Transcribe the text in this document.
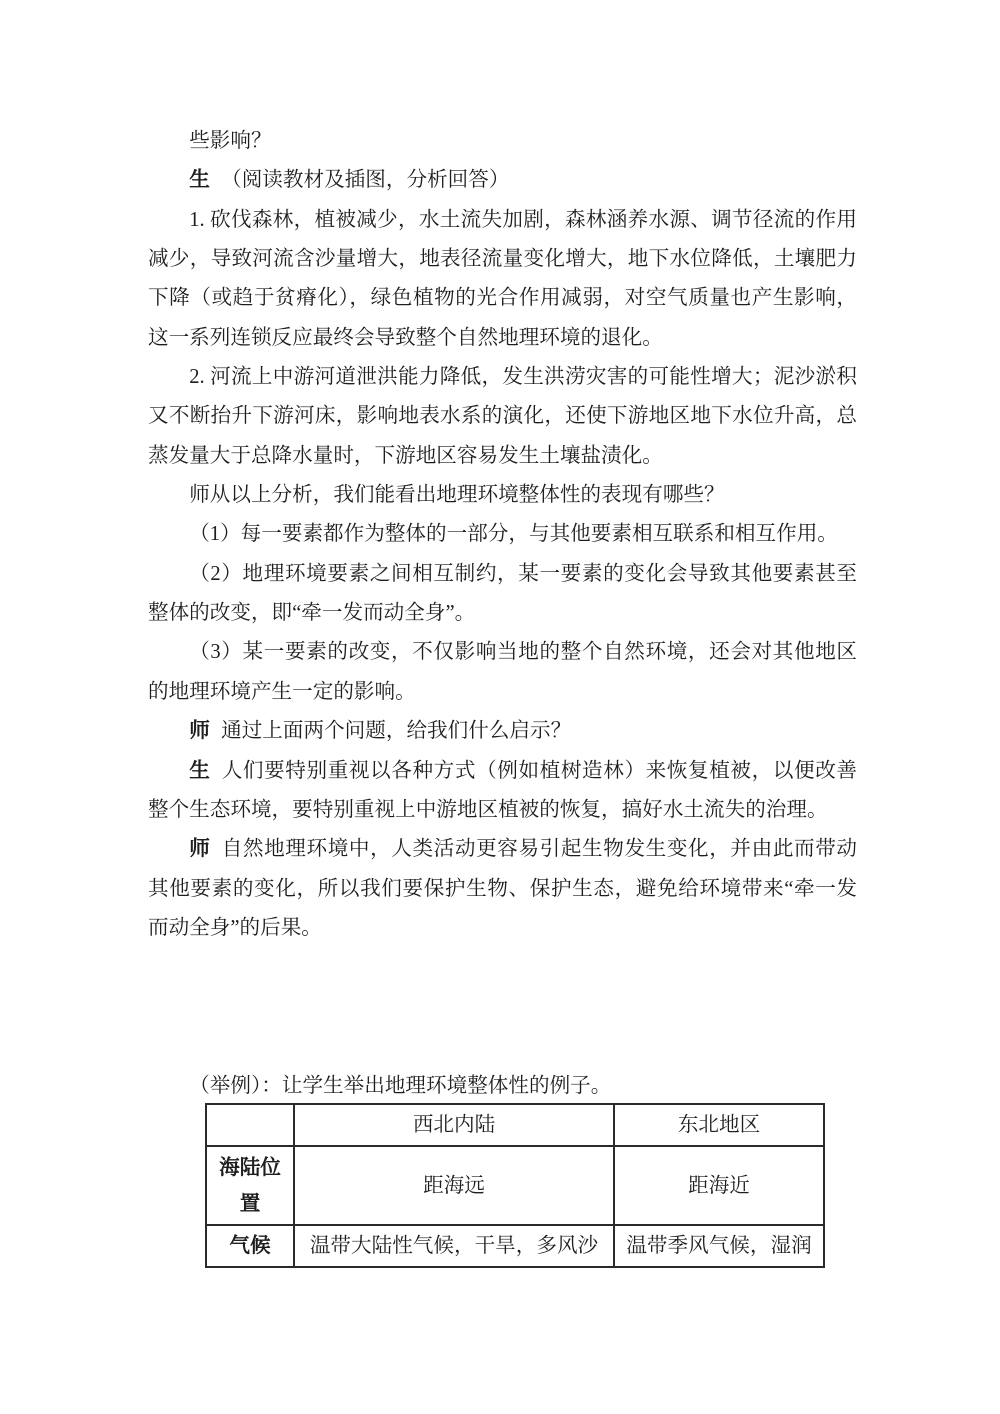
些影响？

生 （阅读教材及插图，分析回答）

1. 砍伐森林，植被减少，水土流失加剧，森林涵养水源、调节径流的作用减少，导致河流含沙量增大，地表径流量变化增大，地下水位降低，土壤肥力下降（或趋于贫瘠化），绿色植物的光合作用减弱，对空气质量也产生影响，这一系列连锁反应最终会导致整个自然地理环境的退化。

2. 河流上中游河道泄洪能力降低，发生洪涝灾害的可能性增大；泥沙淤积又不断抬升下游河床，影响地表水系的演化，还使下游地区地下水位升高，总蒸发量大于总降水量时，下游地区容易发生土壤盐渍化。

师从以上分析，我们能看出地理环境整体性的表现有哪些？

（1）每一要素都作为整体的一部分，与其他要素相互联系和相互作用。

（2）地理环境要素之间相互制约，某一要素的变化会导致其他要素甚至整体的改变，即“牵一发而动全身”。

（3）某一要素的改变，不仅影响当地的整个自然环境，还会对其他地区的地理环境产生一定的影响。

师 通过上面两个问题，给我们什么启示？

生 人们要特别重视以各种方式（例如植树造林）来恢复植被，以便改善整个生态环境，要特别重视上中游地区植被的恢复，搞好水土流失的治理。

师 自然地理环境中，人类活动更容易引起生物发生变化，并由此而带动其他要素的变化，所以我们要保护生物、保护生态，避免给环境带来“牵一发而动全身”的后果。

（举例）：让学生举出地理环境整体性的例子。

	西北内陆	东北地区
海陆位置	距海远	距海近
气候	温带大陆性气候，干旱，多风沙	温带季风气候，湿润
